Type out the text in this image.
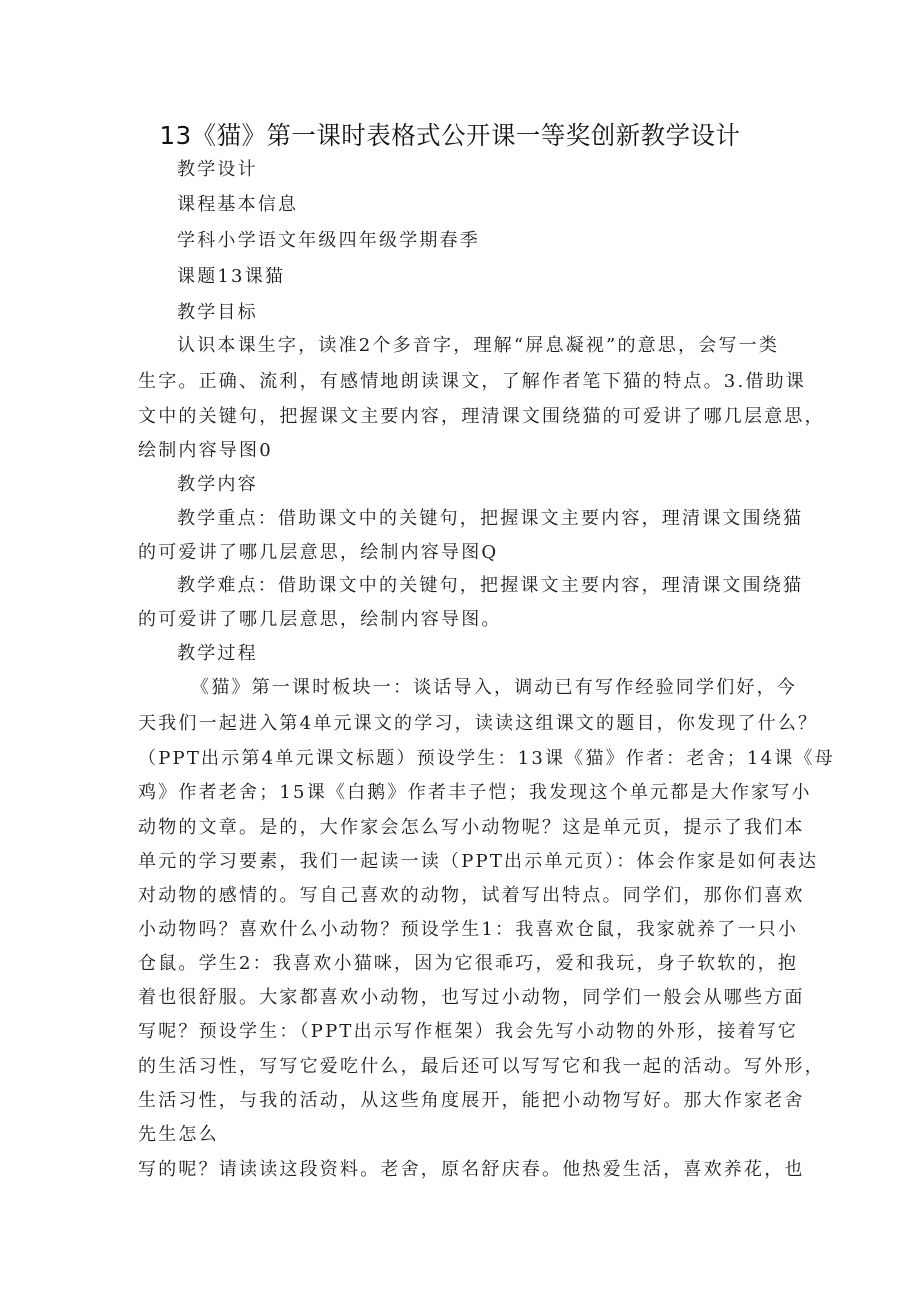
13《猫》第一课时表格式公开课一等奖创新教学设计
教学设计
课程基本信息
学科小学语文年级四年级学期春季
课题13课猫
教学目标
认识本课生字，读准2个多音字，理解“屏息凝视”的意思，会写一类
生字。正确、流利，有感情地朗读课文，了解作者笔下猫的特点。3.借助课
文中的关键句，把握课文主要内容，理清课文围绕猫的可爱讲了哪几层意思，
绘制内容导图0
教学内容
教学重点：借助课文中的关键句，把握课文主要内容，理清课文围绕猫
的可爱讲了哪几层意思，绘制内容导图Q
教学难点：借助课文中的关键句，把握课文主要内容，理清课文围绕猫
的可爱讲了哪几层意思，绘制内容导图。
教学过程
《猫》第一课时板块一：谈话导入，调动已有写作经验同学们好，今
天我们一起进入第4单元课文的学习，读读这组课文的题目，你发现了什么？
（PPT出示第4单元课文标题）预设学生：13课《猫》作者：老舍；14课《母
鸡》作者老舍；15课《白鹅》作者丰子恺；我发现这个单元都是大作家写小
动物的文章。是的，大作家会怎么写小动物呢？这是单元页，提示了我们本
单元的学习要素，我们一起读一读（PPT出示单元页）：体会作家是如何表达
对动物的感情的。写自己喜欢的动物，试着写出特点。同学们，那你们喜欢
小动物吗？喜欢什么小动物？预设学生1：我喜欢仓鼠，我家就养了一只小
仓鼠。学生2：我喜欢小猫咪，因为它很乖巧，爱和我玩，身子软软的，抱
着也很舒服。大家都喜欢小动物，也写过小动物，同学们一般会从哪些方面
写呢？预设学生：（PPT出示写作框架）我会先写小动物的外形，接着写它
的生活习性，写写它爱吃什么，最后还可以写写它和我一起的活动。写外形，
生活习性，与我的活动，从这些角度展开，能把小动物写好。那大作家老舍
先生怎么
写的呢？请读读这段资料。老舍，原名舒庆春。他热爱生活，喜欢养花，也
